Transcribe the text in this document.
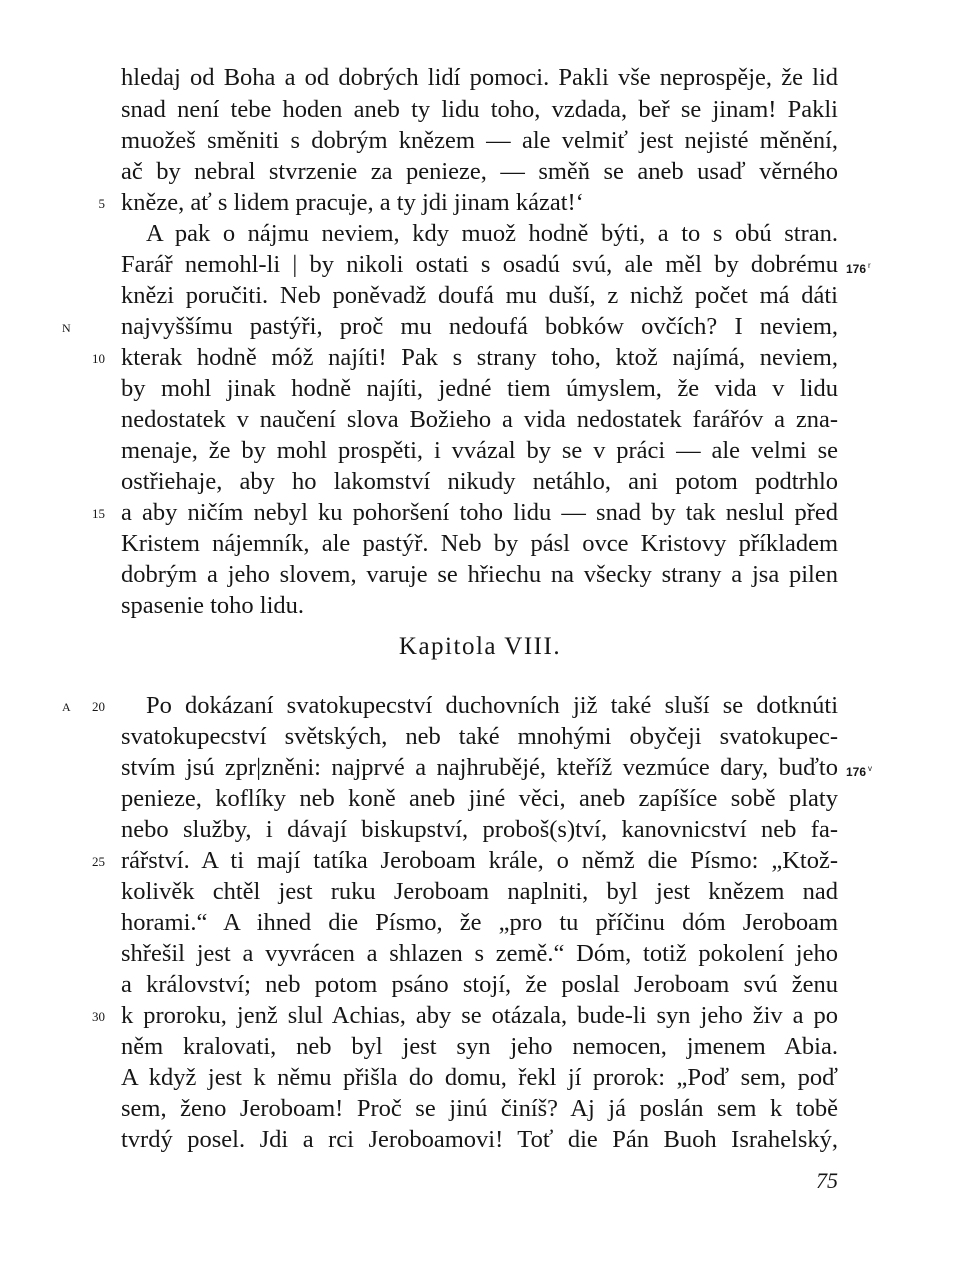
hledaj od Boha a od dobrých lidí pomoci. Pakli vše neprospěje, že lid
snad není tebe hoden aneb ty lidu toho, vzdada, beř se jinam! Pakli
muožeš směniti s dobrým knězem — ale velmiť jest nejisté měnění,
ač by nebral stvrzenie za penieze, — směň se aneb usaď věrného
kněze, ať s lidem pracuje, a ty jdi jinam kázat!‘
A pak o nájmu neviem, kdy muož hodně býti, a to s obú stran.
Farář nemohl-li | by nikoli ostati s osadú svú, ale měl by dobrému
knězi poručiti. Neb poněvadž doufá mu duší, z nichž počet má dáti
najvyššímu pastýři, proč mu nedoufá bobków ovčích? I neviem,
kterak hodně móž najíti! Pak s strany toho, ktož najímá, neviem,
by mohl jinak hodně najíti, jedné tiem úmyslem, že vida v lidu
nedostatek v naučení slova Božieho a vida nedostatek farářóv a zna-
menaje, že by mohl prospěti, i vvázal by se v práci — ale velmi se
ostřiehaje, aby ho lakomství nikudy netáhlo, ani potom podtrhlo
a aby ničím nebyl ku pohoršení toho lidu — snad by tak neslul před
Kristem nájemník, ale pastýř. Neb by pásl ovce Kristovy příkladem
dobrým a jeho slovem, varuje se hřiechu na všecky strany a jsa pilen
spasenie toho lidu.
Kapitola VIII.
Po dokázaní svatokupecství duchovních již také sluší se dotknúti
svatokupecství světských, neb také mnohými obyčeji svatokupec-
stvím jsú zpr|zněni: najprvé a najhrubějé, kteříž vezmúce dary, buďto
penieze, koflíky neb koně aneb jiné věci, aneb zapíšíce sobě platy
nebo služby, i dávají biskupství, proboš(s)tví, kanovnicství neb fa-
rářství. A ti mají tatíka Jeroboam krále, o němž die Písmo: „Ktož-
kolivěk chtěl jest ruku Jeroboam naplniti, byl jest knězem nad
horami.“ A ihned die Písmo, že „pro tu příčinu dóm Jeroboam
shřešil jest a vyvrácen a shlazen s země.“ Dóm, totiž pokolení jeho
a království; neb potom psáno stojí, že poslal Jeroboam svú ženu
k proroku, jenž slul Achias, aby se otázala, bude-li syn jeho živ a po
něm kralovati, neb byl jest syn jeho nemocen, jmenem Abia.
A když jest k němu přišla do domu, řekl jí prorok: „Poď sem, poď
sem, ženo Jeroboam! Proč se jinú činíš? Aj já poslán sem k tobě
tvrdý posel. Jdi a rci Jeroboamovi! Toť die Pán Buoh Israhelský,
5
10
15
20
25
30
N
A
176 $^r$
176 $^v$
75
